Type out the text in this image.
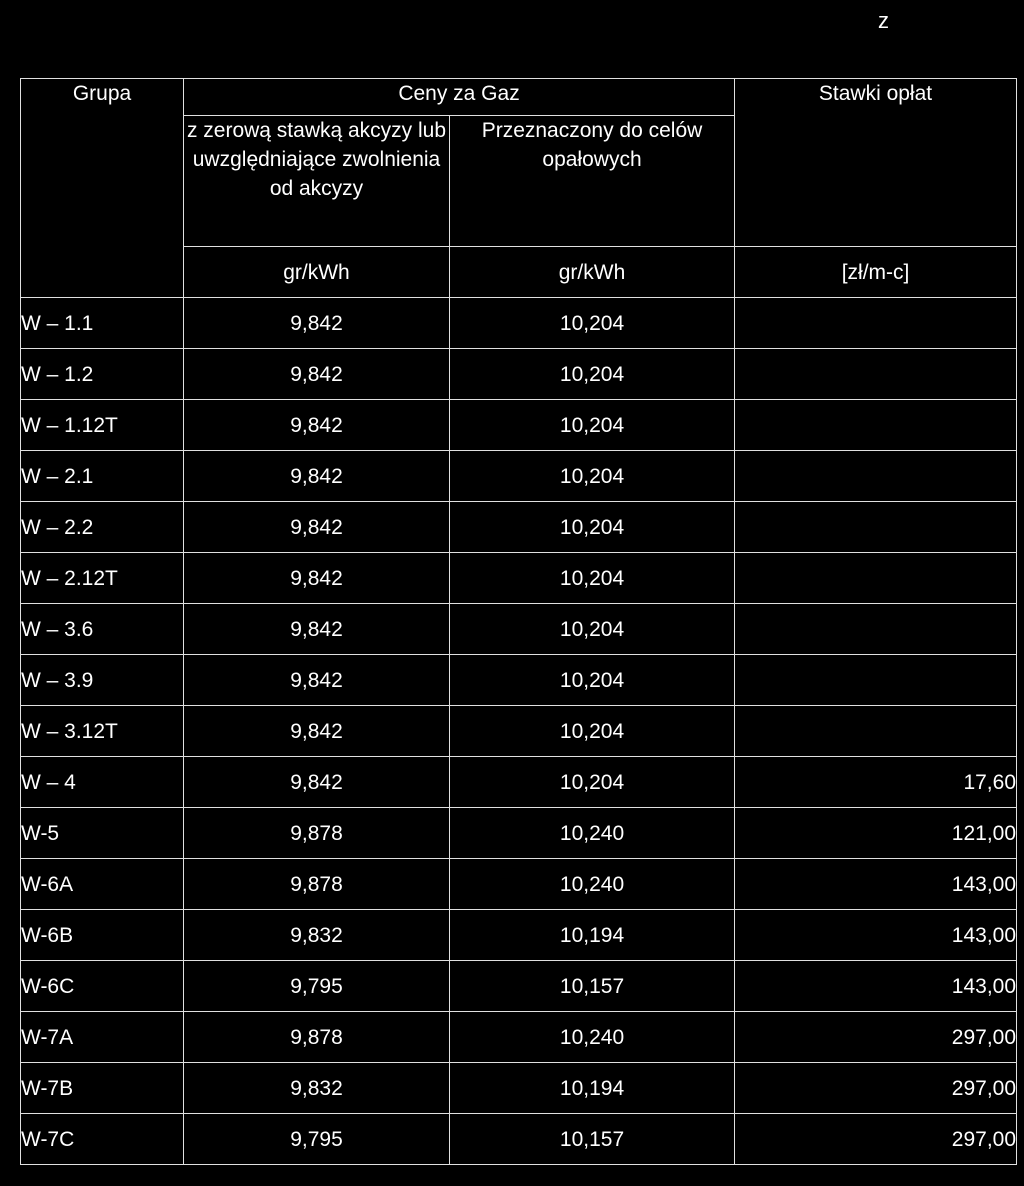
z
Grupa	Ceny za Gaz		Stawki opłat
	z zerową stawką akcyzy lub uwzględniające zwolnienia od akcyzy	Przeznaczony do celów opałowych	
	gr/kWh	gr/kWh	[zł/m-c]
W – 1.1	9,842	10,204	
W – 1.2	9,842	10,204	
W – 1.12T	9,842	10,204	
W – 2.1	9,842	10,204	
W – 2.2	9,842	10,204	
W – 2.12T	9,842	10,204	
W – 3.6	9,842	10,204	
W – 3.9	9,842	10,204	
W – 3.12T	9,842	10,204	
W – 4	9,842	10,204	17,60
W-5	9,878	10,240	121,00
W-6A	9,878	10,240	143,00
W-6B	9,832	10,194	143,00
W-6C	9,795	10,157	143,00
W-7A	9,878	10,240	297,00
W-7B	9,832	10,194	297,00
W-7C	9,795	10,157	297,00
